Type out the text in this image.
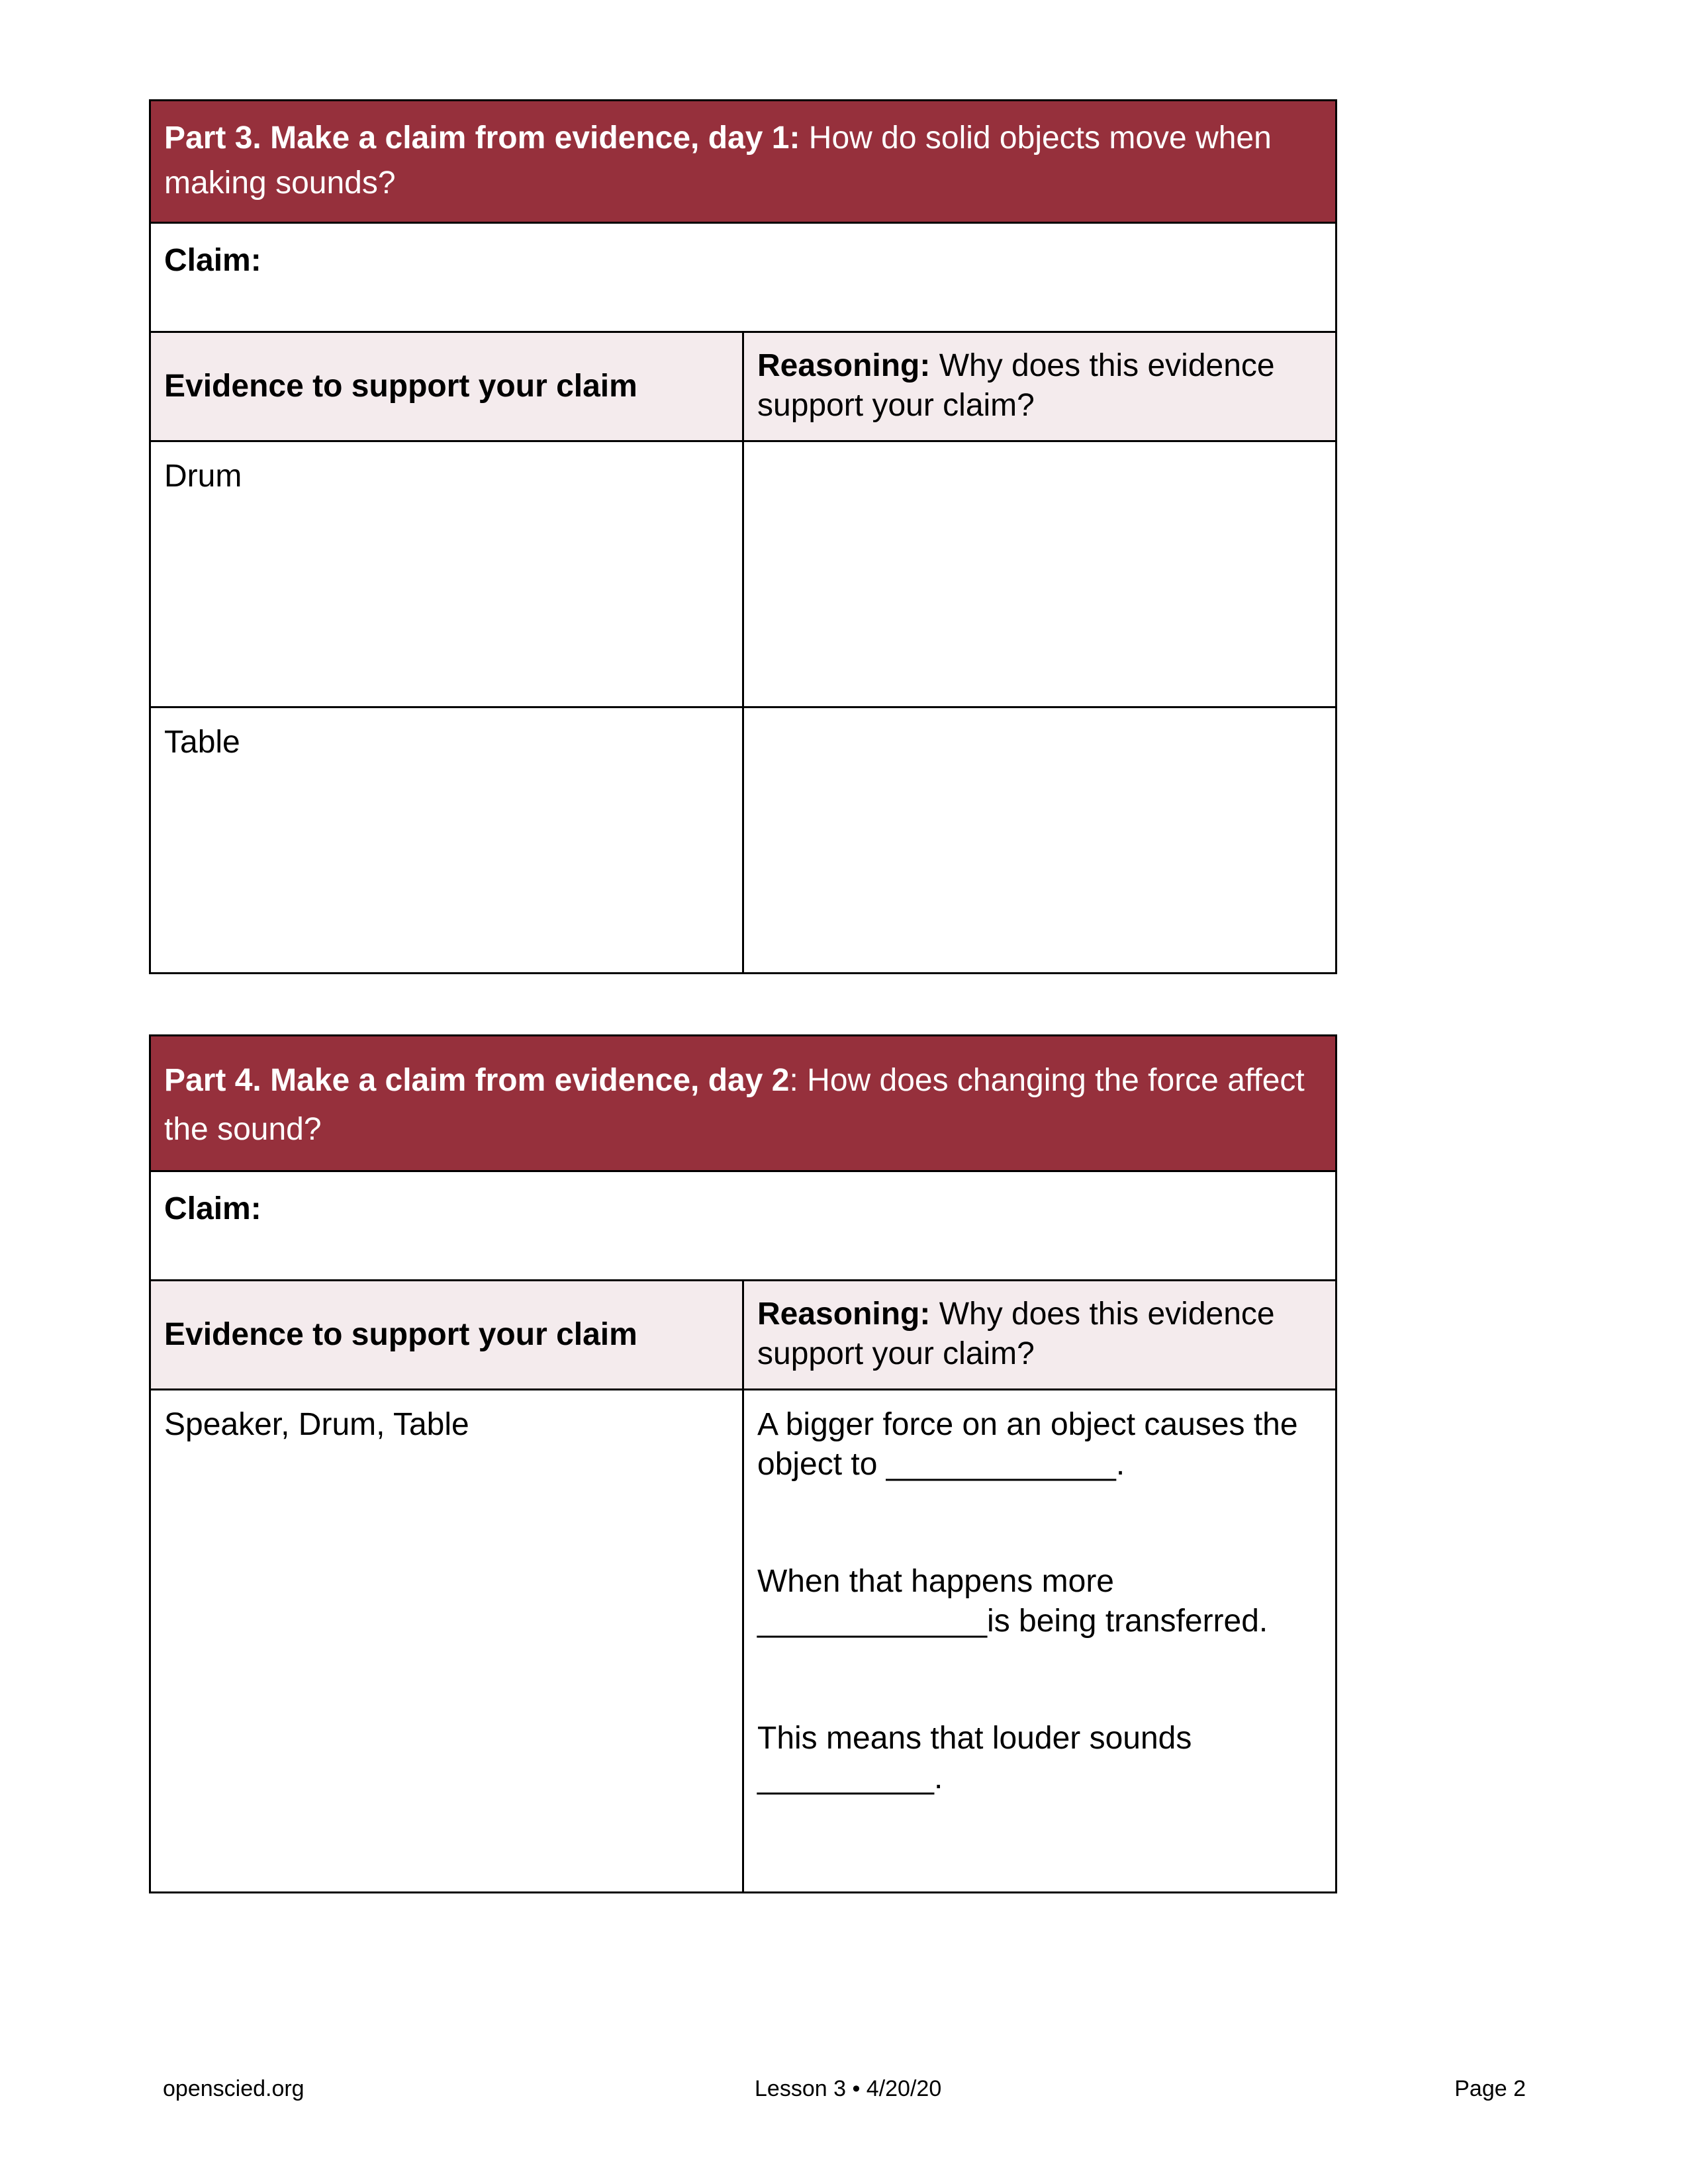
Part 3. Make a claim from evidence, day 1: How do solid objects move when making sounds?	
Claim:	
Evidence to support your claim	Reasoning: Why does this evidence support your claim?
Drum	
Table	
Part 4. Make a claim from evidence, day 2: How does changing the force affect the sound?	
Claim:	
Evidence to support your claim	Reasoning: Why does this evidence support your claim?
Speaker, Drum, Table	A bigger force on an object causes the object to _____________.

When that happens more _____________is being transferred.

This means that louder sounds __________.

openscied.org	Lesson 3 • 4/20/20	Page 2
